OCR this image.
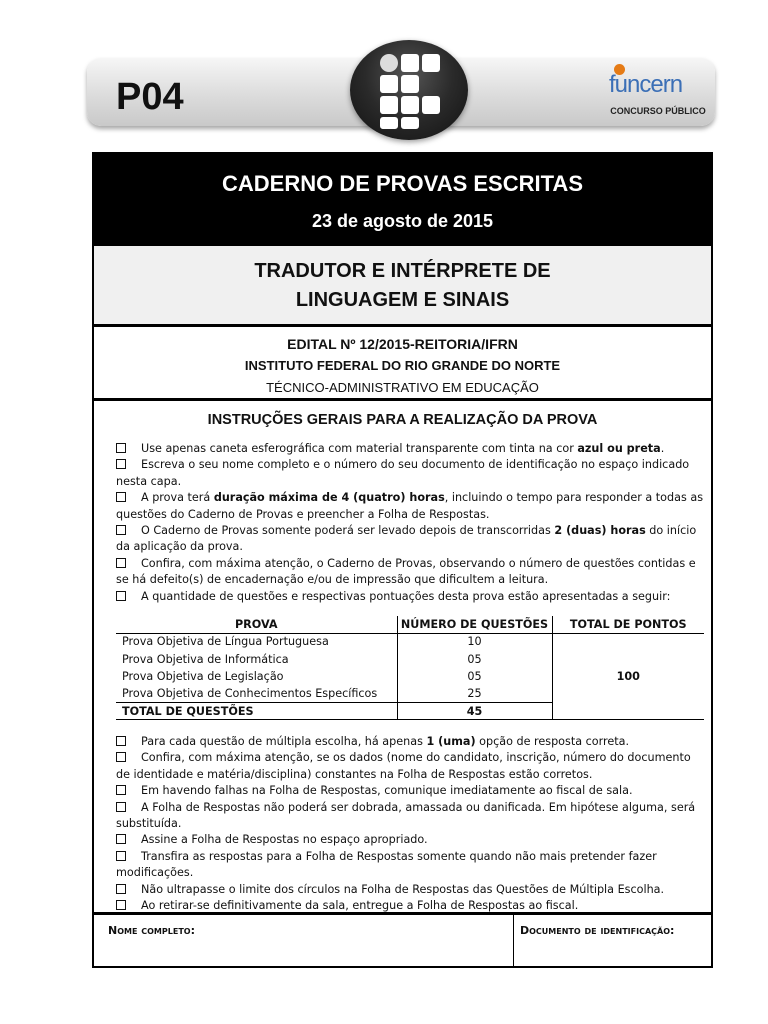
P04	funcern
CONCURSO PÚBLICO
CADERNO DE PROVAS ESCRITAS
23 de agosto de 2015
TRADUTOR E INTÉRPRETE DE
LINGUAGEM E SINAIS
EDITAL Nº 12/2015-REITORIA/IFRN
INSTITUTO FEDERAL DO RIO GRANDE DO NORTE
TÉCNICO-ADMINISTRATIVO EM EDUCAÇÃO
INSTRUÇÕES GERAIS PARA A REALIZAÇÃO DA PROVA
Use apenas caneta esferográfica com material transparente com tinta na cor azul ou preta.
Escreva o seu nome completo e o número do seu documento de identificação no espaço indicado nesta capa.
A prova terá duração máxima de 4 (quatro) horas, incluindo o tempo para responder a todas as questões do Caderno de Provas e preencher a Folha de Respostas.
O Caderno de Provas somente poderá ser levado depois de transcorridas 2 (duas) horas do início da aplicação da prova.
Confira, com máxima atenção, o Caderno de Provas, observando o número de questões contidas e se há defeito(s) de encadernação e/ou de impressão que dificultem a leitura.
A quantidade de questões e respectivas pontuações desta prova estão apresentadas a seguir:
PROVA	NÚMERO DE QUESTÕES	TOTAL DE PONTOS
Prova Objetiva de Língua Portuguesa	10	100
Prova Objetiva de Informática	05	
Prova Objetiva de Legislação	05	
Prova Objetiva de Conhecimentos Específicos	25	
TOTAL DE QUESTÕES	45	
Para cada questão de múltipla escolha, há apenas 1 (uma) opção de resposta correta.
Confira, com máxima atenção, se os dados (nome do candidato, inscrição, número do documento de identidade e matéria/disciplina) constantes na Folha de Respostas estão corretos.
Em havendo falhas na Folha de Respostas, comunique imediatamente ao fiscal de sala.
A Folha de Respostas não poderá ser dobrada, amassada ou danificada. Em hipótese alguma, será substituída.
Assine a Folha de Respostas no espaço apropriado.
Transfira as respostas para a Folha de Respostas somente quando não mais pretender fazer modificações.
Não ultrapasse o limite dos círculos na Folha de Respostas das Questões de Múltipla Escolha.
Ao retirar-se definitivamente da sala, entregue a Folha de Respostas ao fiscal.
Nome completo:	Documento de identificação:
